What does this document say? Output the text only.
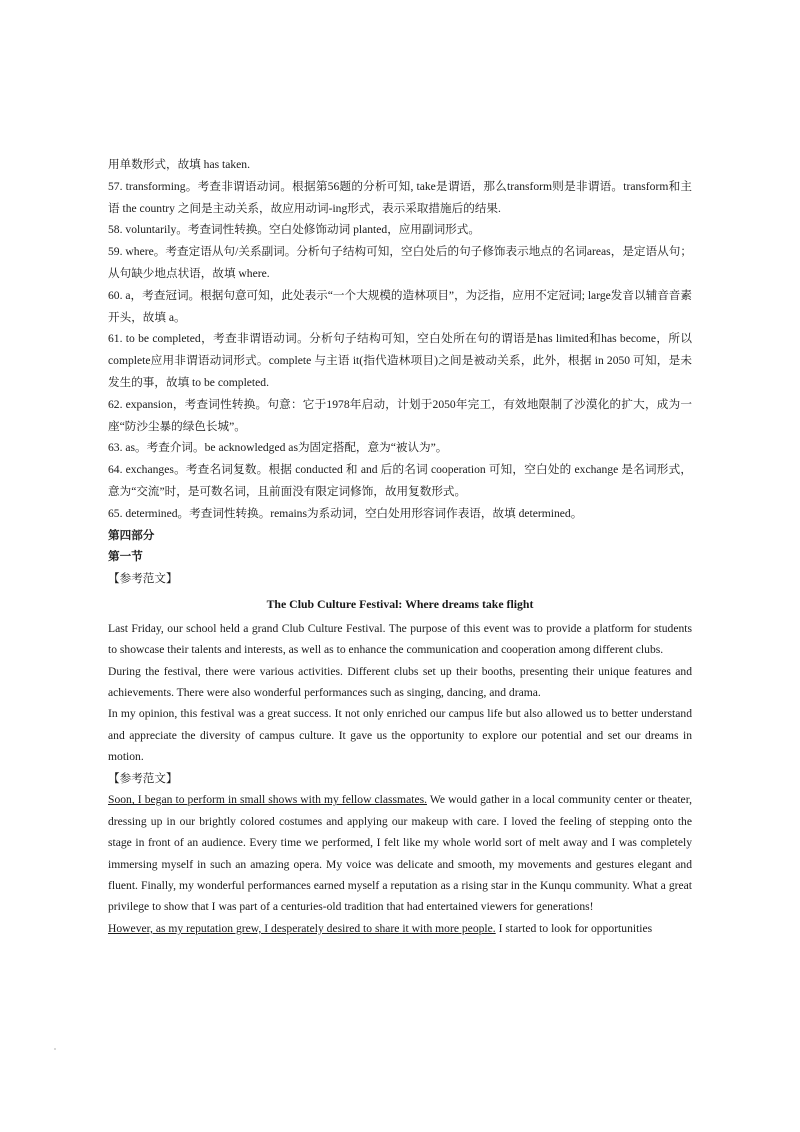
用单数形式，故填 has taken.

57. transforming。考查非谓语动词。根据第56题的分析可知, take是谓语，那么transform则是非谓语。transform和主语 the country 之间是主动关系，故应用动词-ing形式，表示采取措施后的结果.

58. voluntarily。考查词性转换。空白处修饰动词 planted，应用副词形式。

59. where。考查定语从句/关系副词。分析句子结构可知，空白处后的句子修饰表示地点的名词areas，是定语从句；从句缺少地点状语，故填 where.

60. a，考查冠词。根据句意可知，此处表示“一个大规模的造林项目”，为泛指，应用不定冠词; large发音以辅音音素开头，故填 a。

61. to be completed，考查非谓语动词。分析句子结构可知，空白处所在句的谓语是has limited和has become，所以complete应用非谓语动词形式。complete 与主语 it(指代造林项目)之间是被动关系，此外，根据 in 2050 可知，是未发生的事，故填 to be completed.

62. expansion，考查词性转换。句意：它于1978年启动，计划于2050年完工，有效地限制了沙漠化的扩大，成为一座“防沙尘暴的绿色长城”。

63. as。考查介词。be acknowledged as为固定搭配，意为“被认为”。

64. exchanges。考查名词复数。根据 conducted 和 and 后的名词 cooperation 可知，空白处的 exchange 是名词形式，意为“交流”时，是可数名词，且前面没有限定词修饰，故用复数形式。

65. determined。考查词性转换。remains为系动词，空白处用形容词作表语，故填 determined。

第四部分

第一节

【参考范文】

The Club Culture Festival: Where dreams take flight

Last Friday, our school held a grand Club Culture Festival. The purpose of this event was to provide a platform for students to showcase their talents and interests, as well as to enhance the communication and cooperation among different clubs.

During the festival, there were various activities. Different clubs set up their booths, presenting their unique features and achievements. There were also wonderful performances such as singing, dancing, and drama.

In my opinion, this festival was a great success. It not only enriched our campus life but also allowed us to better understand and appreciate the diversity of campus culture. It gave us the opportunity to explore our potential and set our dreams in motion.

【参考范文】

Soon, I began to perform in small shows with my fellow classmates. We would gather in a local community center or theater, dressing up in our brightly colored costumes and applying our makeup with care. I loved the feeling of stepping onto the stage in front of an audience. Every time we performed, I felt like my whole world sort of melt away and I was completely immersing myself in such an amazing opera. My voice was delicate and smooth, my movements and gestures elegant and fluent. Finally, my wonderful performances earned myself a reputation as a rising star in the Kunqu community. What a great privilege to show that I was part of a centuries-old tradition that had entertained viewers for generations!

However, as my reputation grew, I desperately desired to share it with more people. I started to look for opportunities
